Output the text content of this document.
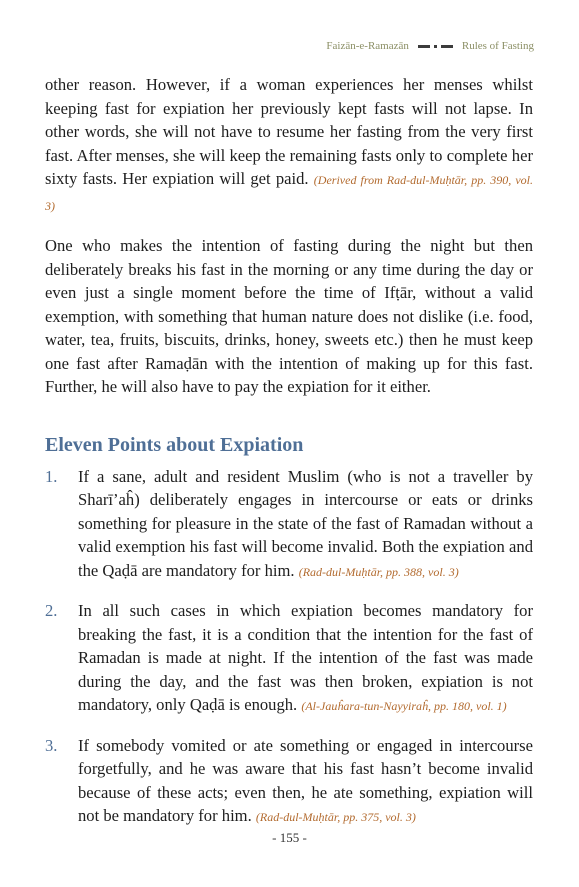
Faizān-e-Ramazān	Rules of Fasting

other reason. However, if a woman experiences her menses whilst keeping fast for expiation her previously kept fasts will not lapse. In other words, she will not have to resume her fasting from the very first fast. After menses, she will keep the remaining fasts only to complete her sixty fasts. Her expiation will get paid. (Derived from Rad-dul-Muḥtār, pp. 390, vol. 3)

One who makes the intention of fasting during the night but then deliberately breaks his fast in the morning or any time during the day or even just a single moment before the time of Ifṭār, without a valid exemption, with something that human nature does not dislike (i.e. food, water, tea, fruits, biscuits, drinks, honey, sweets etc.) then he must keep one fast after Ramaḍān with the intention of making up for this fast. Further, he will also have to pay the expiation for it either.

Eleven Points about Expiation
1.	If a sane, adult and resident Muslim (who is not a traveller by Sharī’aĥ) deliberately engages in intercourse or eats or drinks something for pleasure in the state of the fast of Ramadan without a valid exemption his fast will become invalid. Both the expiation and the Qaḍā are mandatory for him. (Rad-dul-Muḥtār, pp. 388, vol. 3)
2.	In all such cases in which expiation becomes mandatory for breaking the fast, it is a condition that the intention for the fast of Ramadan is made at night. If the intention of the fast was made during the day, and the fast was then broken, expiation is not mandatory, only Qaḍā is enough. (Al-Jauĥara-tun-Nayyiraĥ, pp. 180, vol. 1)
3.	If somebody vomited or ate something or engaged in intercourse forgetfully, and he was aware that his fast hasn’t become invalid because of these acts; even then, he ate something, expiation will not be mandatory for him. (Rad-dul-Muḥtār, pp. 375, vol. 3)
- 155 -
